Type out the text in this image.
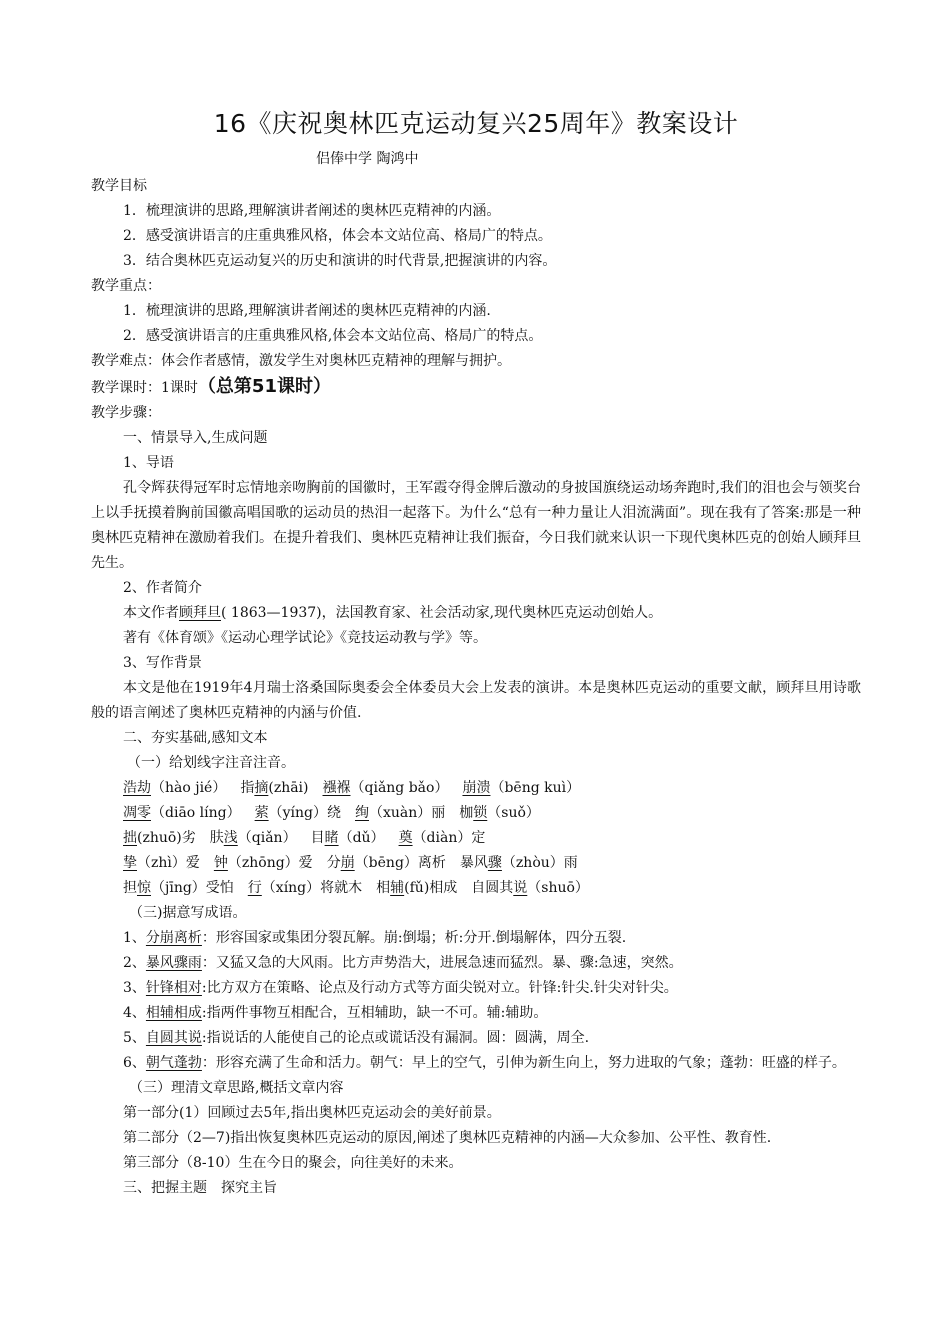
16《庆祝奥林匹克运动复兴25周年》教案设计
侣俸中学 陶鸿中
教学目标
1．梳理演讲的思路,理解演讲者阐述的奥林匹克精神的内涵。
2．感受演讲语言的庄重典雅风格，体会本文站位高、格局广的特点。
3．结合奥林匹克运动复兴的历史和演讲的时代背景,把握演讲的内容。
教学重点：
1．梳理演讲的思路,理解演讲者阐述的奥林匹克精神的内涵.
2．感受演讲语言的庄重典雅风格,体会本文站位高、格局广的特点。
教学难点：体会作者感情，激发学生对奥林匹克精神的理解与拥护。
教学课时：1课时（总第51课时）
教学步骤：
一、情景导入,生成问题
1、导语
孔令辉获得冠军时忘情地亲吻胸前的国徽时，王军霞夺得金牌后激动的身披国旗绕运动场奔跑时,我们的泪也会与领奖台上以手抚摸着胸前国徽高唱国歌的运动员的热泪一起落下。为什么“总有一种力量让人泪流满面”。现在我有了答案:那是一种奥林匹克精神在激励着我们。在提升着我们、奥林匹克精神让我们振奋，今日我们就来认识一下现代奥林匹克的创始人顾拜旦先生。
2、作者简介
本文作者顾拜旦( 1863—1937)，法国教育家、社会活动家,现代奥林匹克运动创始人。
著有《体育颂》《运动心理学试论》《竞技运动教与学》等。
3、写作背景
本文是他在1919年4月瑞士洛桑国际奥委会全体委员大会上发表的演讲。本是奥林匹克运动的重要文献，顾拜旦用诗歌般的语言阐述了奥林匹克精神的内涵与价值.
二、夯实基础,感知文本
（一）给划线字注音注音。
浩劫（hào jié） 指摘(zhāi) 襁褓（qiǎng bǎo） 崩溃（bēng kuì）
凋零（diāo líng） 萦（yíng）绕 绚（xuàn）丽 枷锁（suǒ）
拙(zhuō)劣 肤浅（qiǎn） 目睹（dǔ） 奠（diàn）定
挚（zhì）爱 钟（zhōng）爱 分崩（bēng）离析 暴风骤（zhòu）雨
担惊（jīng）受怕 行（xíng）将就木 相辅(fǔ)相成 自圆其说（shuō）
（三)据意写成语。
1、分崩离析：形容国家或集团分裂瓦解。崩:倒塌；析:分开.倒塌解体，四分五裂.
2、暴风骤雨：又猛又急的大风雨。比方声势浩大，进展急速而猛烈。暴、骤:急速，突然。
3、针锋相对:比方双方在策略、论点及行动方式等方面尖锐对立。针锋:针尖.针尖对针尖。
4、相辅相成:指两件事物互相配合，互相辅助，缺一不可。辅:辅助。
5、自圆其说:指说话的人能使自己的论点或谎话没有漏洞。圆：圆满，周全.
6、朝气蓬勃：形容充满了生命和活力。朝气：早上的空气，引伸为新生向上，努力进取的气象；蓬勃：旺盛的样子。
（三）理清文章思路,概括文章内容
第一部分(1）回顾过去5年,指出奥林匹克运动会的美好前景。
第二部分（2—7)指出恢复奥林匹克运动的原因,阐述了奥林匹克精神的内涵—大众参加、公平性、教育性.
第三部分（8-10）生在今日的聚会，向往美好的未来。
三、把握主题　探究主旨
